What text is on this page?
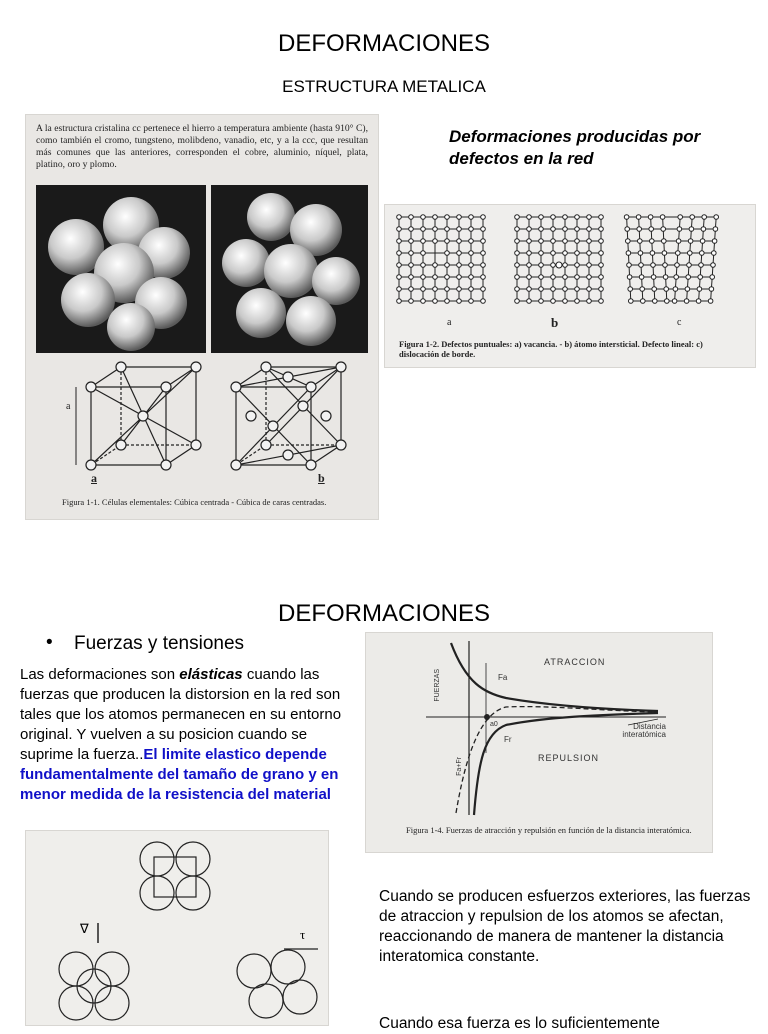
DEFORMACIONES
ESTRUCTURA METALICA
A la estructura cristalina cc pertenece el hierro a temperatura ambiente (hasta 910° C), como también el cromo, tungsteno, molibdeno, vanadio, etc, y a la ccc, que resultan más comunes que las anteriores, corresponden el cobre, aluminio, níquel, plata, platino, oro y plomo.
a
a	b
Figura 1-1. Células elementales: Cúbica centrada - Cúbica de caras centradas.
Deformaciones producidas por defectos en la red
a	b	c
Figura 1-2. Defectos puntuales: a) vacancia. - b) átomo intersticial. Defecto lineal: c) dislocación de borde.
DEFORMACIONES
• Fuerzas y tensiones
Las deformaciones son elásticas cuando las fuerzas que producen la distorsion en la red son tales que los atomos permanecen en su entorno original. Y vuelven a su posicion cuando se suprime la fuerza..El limite elastico depende fundamentalmente del tamaño de grano y en menor medida de la resistencia del material
ATRACCION
REPULSION
Distancia interatómica
Fa
Fr
a0
FUERZAS
Fa+Fr
Figura 1-4. Fuerzas de atracción y repulsión en función de la distancia interatómica.
∇	τ
Cuando se producen esfuerzos exteriores, las fuerzas de atraccion y repulsion de los atomos se afectan, reaccionando de manera de mantener la distancia interatomica constante.
Cuando esa fuerza es lo suficientemente
